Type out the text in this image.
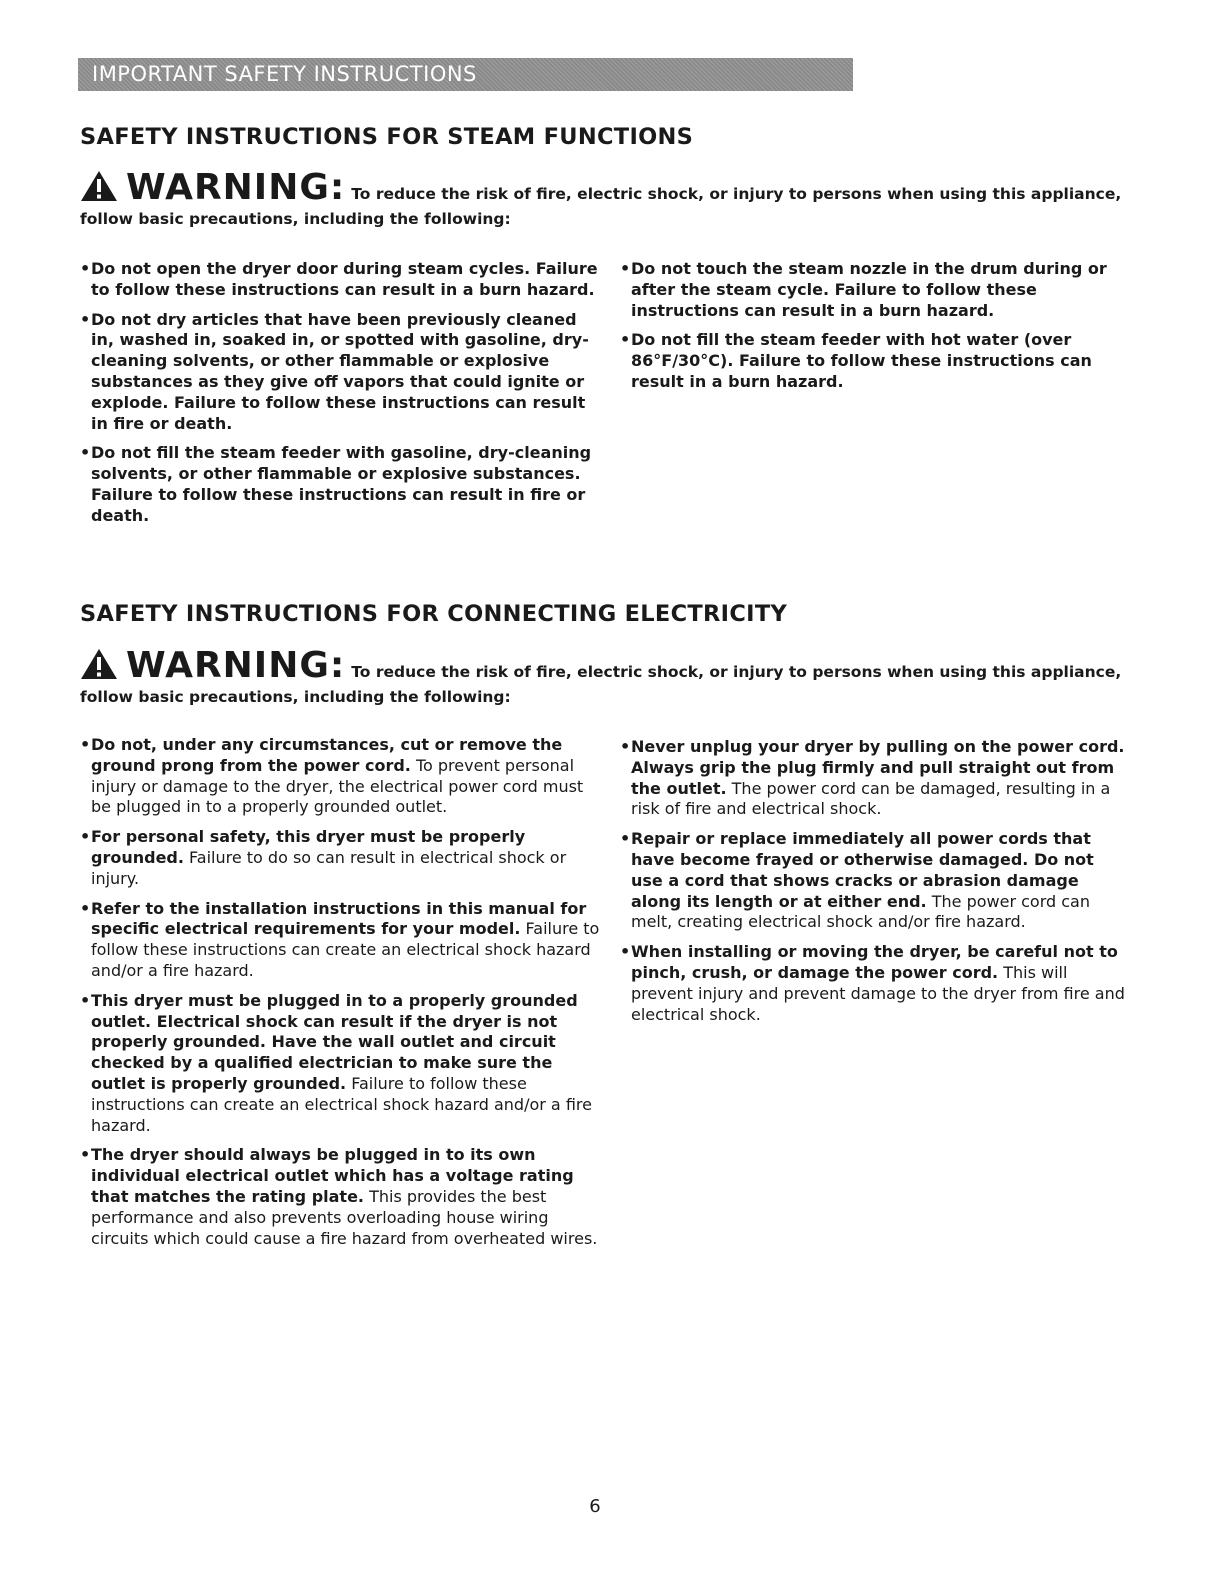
IMPORTANT SAFETY INSTRUCTIONS
SAFETY INSTRUCTIONS FOR STEAM FUNCTIONS
WARNING: To reduce the risk of fire, electric shock, or injury to persons when using this appliance,
follow basic precautions, including the following:
• Do not open the dryer door during steam cycles. Failure to follow these instructions can result in a burn hazard.
• Do not dry articles that have been previously cleaned in, washed in, soaked in, or spotted with gasoline, dry-cleaning solvents, or other flammable or explosive substances as they give off vapors that could ignite or explode. Failure to follow these instructions can result in fire or death.
• Do not fill the steam feeder with gasoline, dry-cleaning solvents, or other flammable or explosive substances. Failure to follow these instructions can result in fire or death.
• Do not touch the steam nozzle in the drum during or after the steam cycle. Failure to follow these instructions can result in a burn hazard.
• Do not fill the steam feeder with hot water (over 86°F/30°C). Failure to follow these instructions can result in a burn hazard.
SAFETY INSTRUCTIONS FOR CONNECTING ELECTRICITY
WARNING: To reduce the risk of fire, electric shock, or injury to persons when using this appliance,
follow basic precautions, including the following:
• Do not, under any circumstances, cut or remove the ground prong from the power cord. To prevent personal injury or damage to the dryer, the electrical power cord must be plugged in to a properly grounded outlet.
• For personal safety, this dryer must be properly grounded. Failure to do so can result in electrical shock or injury.
• Refer to the installation instructions in this manual for specific electrical requirements for your model. Failure to follow these instructions can create an electrical shock hazard and/or a fire hazard.
• This dryer must be plugged in to a properly grounded outlet. Electrical shock can result if the dryer is not properly grounded. Have the wall outlet and circuit checked by a qualified electrician to make sure the outlet is properly grounded. Failure to follow these instructions can create an electrical shock hazard and/or a fire hazard.
• The dryer should always be plugged in to its own individual electrical outlet which has a voltage rating that matches the rating plate. This provides the best performance and also prevents overloading house wiring circuits which could cause a fire hazard from overheated wires.
• Never unplug your dryer by pulling on the power cord. Always grip the plug firmly and pull straight out from the outlet. The power cord can be damaged, resulting in a risk of fire and electrical shock.
• Repair or replace immediately all power cords that have become frayed or otherwise damaged. Do not use a cord that shows cracks or abrasion damage along its length or at either end. The power cord can melt, creating electrical shock and/or fire hazard.
• When installing or moving the dryer, be careful not to pinch, crush, or damage the power cord. This will prevent injury and prevent damage to the dryer from fire and electrical shock.
6
